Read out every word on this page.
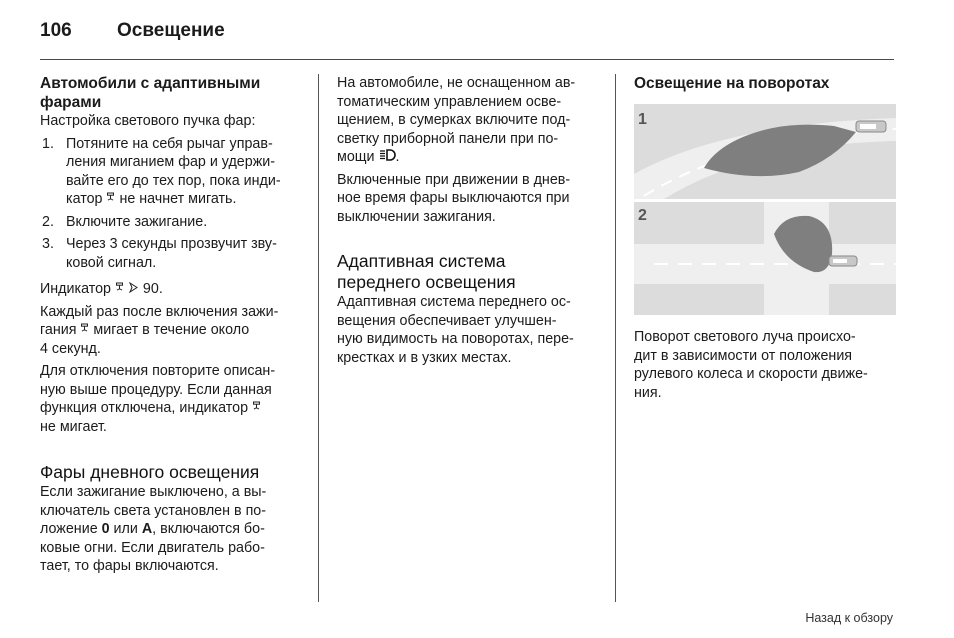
106 Освещение
Автомобили с адаптивными
фарами

Настройка светового пучка фар:

1. Потяните на себя рычаг управ-
ления миганием фар и удержи-
вайте его до тех пор, пока инди-
катор  не начнет мигать.
2. Включите зажигание.
3. Через 3 секунды прозвучит зву-
ковой сигнал.

Индикатор   90.

Каждый раз после включения зажи-
гания  мигает в течение около
4 секунд.

Для отключения повторите описан-
ную выше процедуру. Если данная
функция отключена, индикатор
не мигает.

Фары дневного освещения

Если зажигание выключено, а вы-
ключатель света установлен в по-
ложение 0 или A, включаются бо-
ковые огни. Если двигатель рабо-
тает, то фары включаются.

На автомобиле, не оснащенном ав-
томатическим управлением осве-
щением, в сумерках включите под-
светку приборной панели при по-
мощи .

Включенные при движении в днев-
ное время фары выключаются при
выключении зажигания.

Адаптивная система
переднего освещения

Адаптивная система переднего ос-
вещения обеспечивает улучшен-
ную видимость на поворотах, пере-
крестках и в узких местах.

Освещение на поворотах
1
2

Поворот светового луча происхо-
дит в зависимости от положения
рулевого колеса и скорости движе-
ния.

Назад к обзору
